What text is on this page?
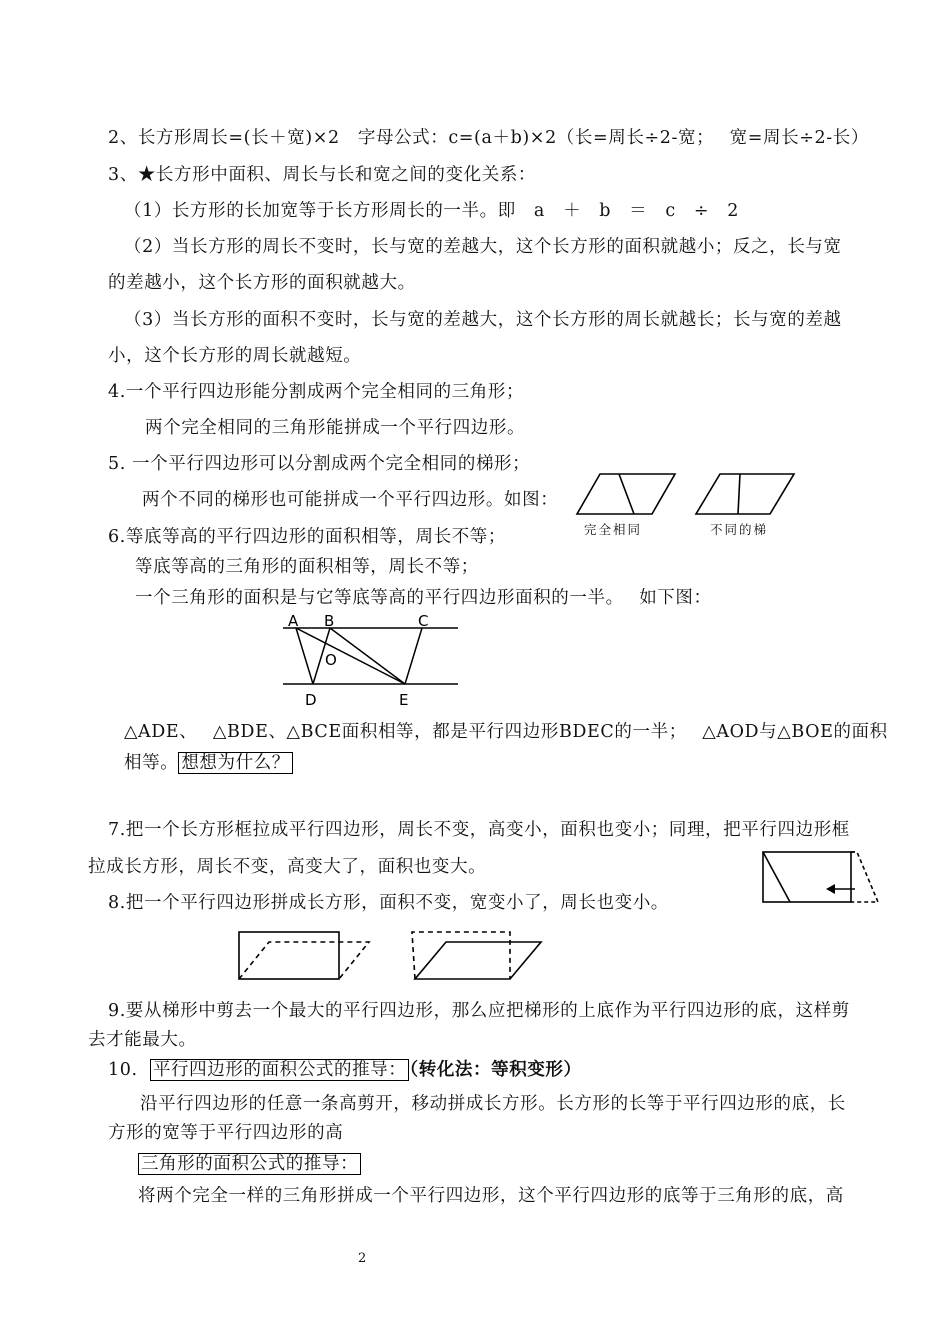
2、长方形周长=(长＋宽)×2　字母公式：c=(a＋b)×2（长=周长÷2-宽；　 宽=周长÷2-长）
3、★长方形中面积、周长与长和宽之间的变化关系：
（1）长方形的长加宽等于长方形周长的一半。即　a　＋　b　＝　c　÷　2
（2）当长方形的周长不变时，长与宽的差越大，这个长方形的面积就越小；反之，长与宽
的差越小，这个长方形的面积就越大。
（3）当长方形的面积不变时，长与宽的差越大，这个长方形的周长就越长；长与宽的差越
小，这个长方形的周长就越短。
4.一个平行四边形能分割成两个完全相同的三角形；
两个完全相同的三角形能拼成一个平行四边形。
5. 一个平行四边形可以分割成两个完全相同的梯形；
两个不同的梯形也可能拼成一个平行四边形。如图：
6.等底等高的平行四边形的面积相等，周长不等；
等底等高的三角形的面积相等，周长不等；
一个三角形的面积是与它等底等高的平行四边形面积的一半。　 如下图：
完全相同	不同的梯
A B	C
D	E
O
△ADE、　 △BDE、△BCE面积相等，都是平行四边形BDEC的一半；　 △AOD与△BOE的面积
相等。 想想为什么？
7.把一个长方形框拉成平行四边形，周长不变，高变小，面积也变小；同理，把平行四边形框
拉成长方形，周长不变，高变大了，面积也变大。
8.把一个平行四边形拼成长方形，面积不变，宽变小了，周长也变小。
9.要从梯形中剪去一个最大的平行四边形，那么应把梯形的上底作为平行四边形的底，这样剪
去才能最大。
10. 平行四边形的面积公式的推导： （转化法：等积变形）
沿平行四边形的任意一条高剪开，移动拼成长方形。长方形的长等于平行四边形的底，长
方形的宽等于平行四边形的高
三角形的面积公式的推导：
将两个完全一样的三角形拼成一个平行四边形，这个平行四边形的底等于三角形的底，高
2
